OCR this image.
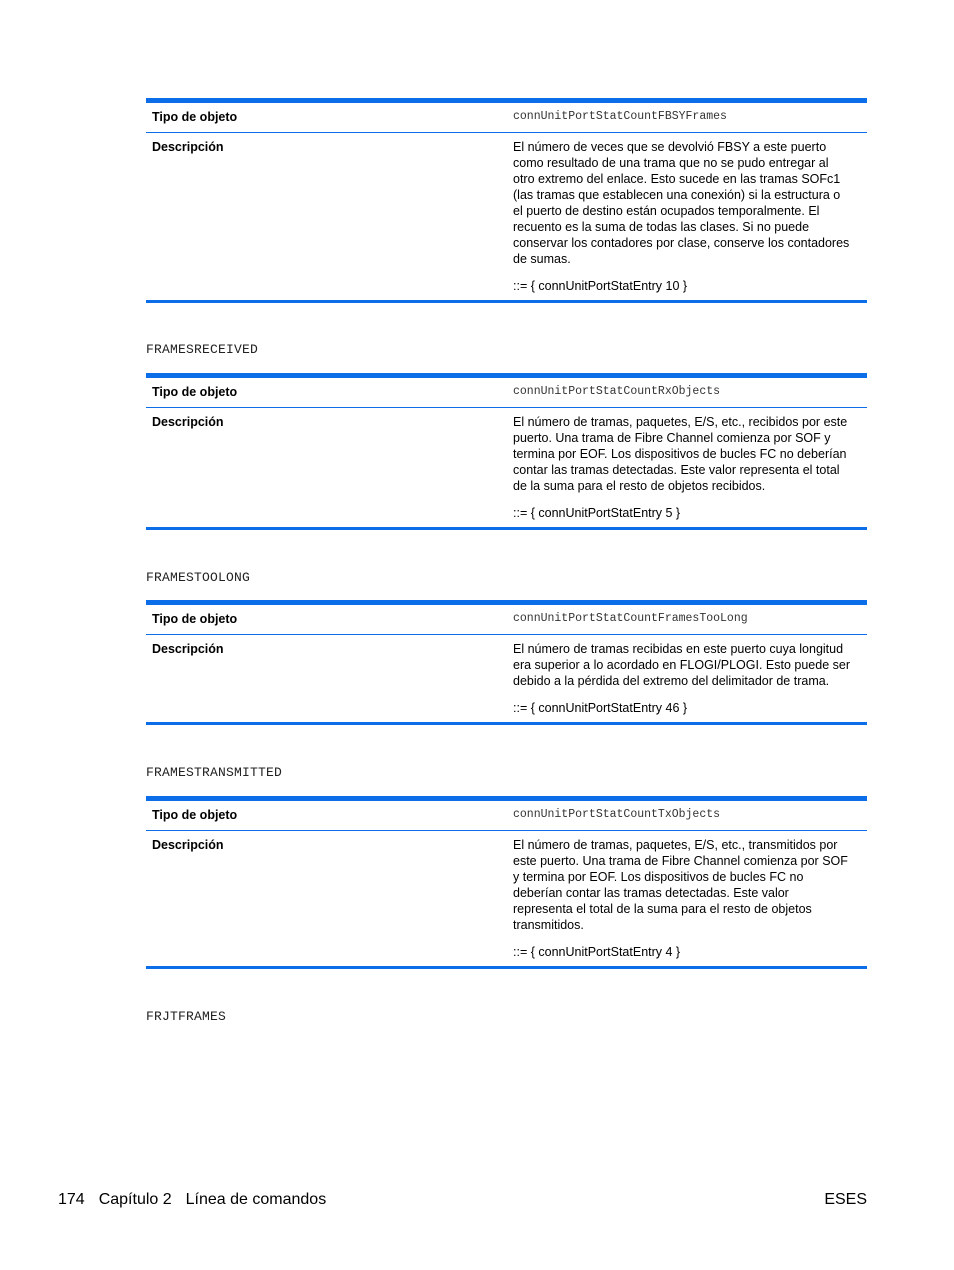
Tipo de objeto	connUnitPortStatCountFBSYFrames
Descripción	El número de veces que se devolvió FBSY a este puerto
como resultado de una trama que no se pudo entregar al
otro extremo del enlace. Esto sucede en las tramas SOFc1
(las tramas que establecen una conexión) si la estructura o
el puerto de destino están ocupados temporalmente. El
recuento es la suma de todas las clases. Si no puede
conservar los contadores por clase, conserve los contadores
de sumas.

::= { connUnitPortStatEntry 10 }

FRAMESRECEIVED
Tipo de objeto	connUnitPortStatCountRxObjects
Descripción	El número de tramas, paquetes, E/S, etc., recibidos por este
puerto. Una trama de Fibre Channel comienza por SOF y
termina por EOF. Los dispositivos de bucles FC no deberían
contar las tramas detectadas. Este valor representa el total
de la suma para el resto de objetos recibidos.

::= { connUnitPortStatEntry 5 }

FRAMESTOOLONG
Tipo de objeto	connUnitPortStatCountFramesTooLong
Descripción	El número de tramas recibidas en este puerto cuya longitud
era superior a lo acordado en FLOGI/PLOGI. Esto puede ser
debido a la pérdida del extremo del delimitador de trama.

::= { connUnitPortStatEntry 46 }

FRAMESTRANSMITTED
Tipo de objeto	connUnitPortStatCountTxObjects
Descripción	El número de tramas, paquetes, E/S, etc., transmitidos por
este puerto. Una trama de Fibre Channel comienza por SOF
y termina por EOF. Los dispositivos de bucles FC no
deberían contar las tramas detectadas. Este valor
representa el total de la suma para el resto de objetos
transmitidos.

::= { connUnitPortStatEntry 4 }

FRJTFRAMES
174 Capítulo 2 Línea de comandos	ESES
